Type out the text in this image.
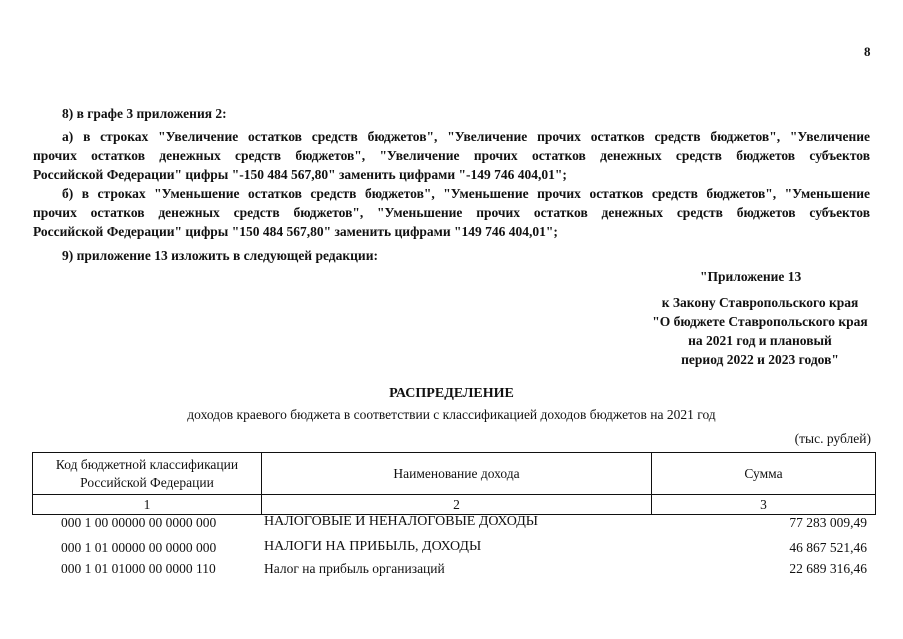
8
8) в графе 3 приложения 2:
а) в строках "Увеличение остатков средств бюджетов", "Увеличение прочих остатков средств бюджетов", "Увеличение
прочих остатков денежных средств бюджетов", "Увеличение прочих остатков денежных средств бюджетов субъектов
Российской Федерации" цифры "-150 484 567,80" заменить цифрами "-149 746 404,01";
б) в строках "Уменьшение остатков средств бюджетов", "Уменьшение прочих остатков средств бюджетов", "Уменьшение
прочих остатков денежных средств бюджетов", "Уменьшение прочих остатков денежных средств бюджетов субъектов
Российской Федерации" цифры "150 484 567,80" заменить цифрами "149 746 404,01";
9) приложение 13 изложить в следующей редакции:
"Приложение 13
к Закону Ставропольского края
"О бюджете Ставропольского края
на 2021 год и плановый
период 2022 и 2023 годов"
РАСПРЕДЕЛЕНИЕ
доходов краевого бюджета в соответствии с классификацией доходов бюджетов на 2021 год
(тыс. рублей)
Код бюджетной классификации Российской Федерации	Наименование дохода	Сумма
1	2	3
000 1 00 00000 00 0000 000	НАЛОГОВЫЕ И НЕНАЛОГОВЫЕ ДОХОДЫ	77 283 009,49
000 1 01 00000 00 0000 000	НАЛОГИ НА ПРИБЫЛЬ, ДОХОДЫ	46 867 521,46
000 1 01 01000 00 0000 110	Налог на прибыль организаций	22 689 316,46
